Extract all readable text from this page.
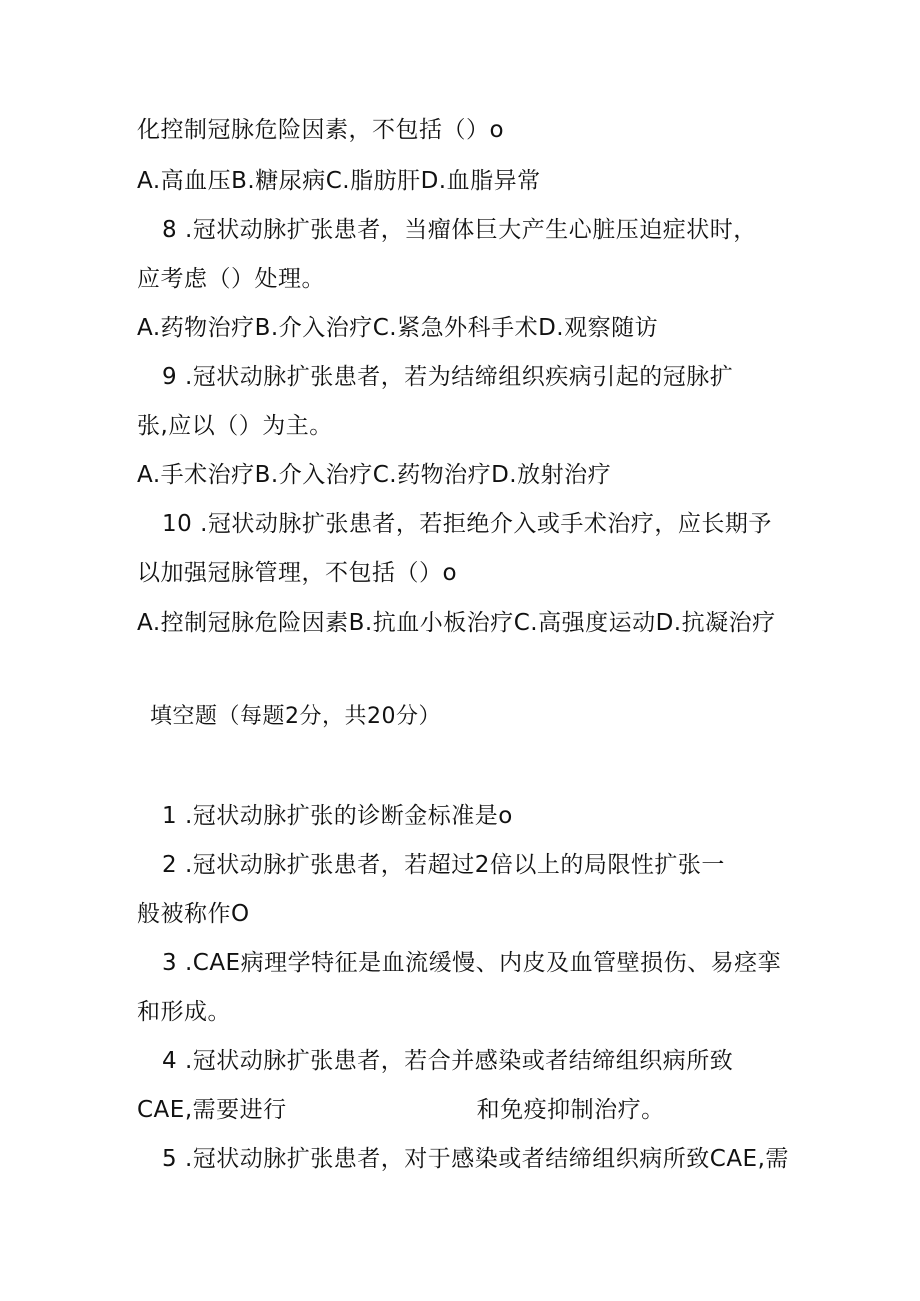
化控制冠脉危险因素，不包括（）o
A.高血压B.糖尿病C.脂肪肝D.血脂异常
8 .冠状动脉扩张患者，当瘤体巨大产生心脏压迫症状时，
应考虑（）处理。
A.药物治疗B.介入治疗C.紧急外科手术D.观察随访
9 .冠状动脉扩张患者，若为结缔组织疾病引起的冠脉扩
张,应以（）为主。
A.手术治疗B.介入治疗C.药物治疗D.放射治疗
10 .冠状动脉扩张患者，若拒绝介入或手术治疗，应长期予
以加强冠脉管理，不包括（）o
A.控制冠脉危险因素B.抗血小板治疗C.高强度运动D.抗凝治疗
填空题（每题2分，共20分）
1 .冠状动脉扩张的诊断金标准是o
2 .冠状动脉扩张患者，若超过2倍以上的局限性扩张一
般被称作O
3 .CAE病理学特征是血流缓慢、内皮及血管壁损伤、易痉挛
和形成。
4 .冠状动脉扩张患者，若合并感染或者结缔组织病所致
CAE,需要进行	和免疫抑制治疗。
5 .冠状动脉扩张患者，对于感染或者结缔组织病所致CAE,需
